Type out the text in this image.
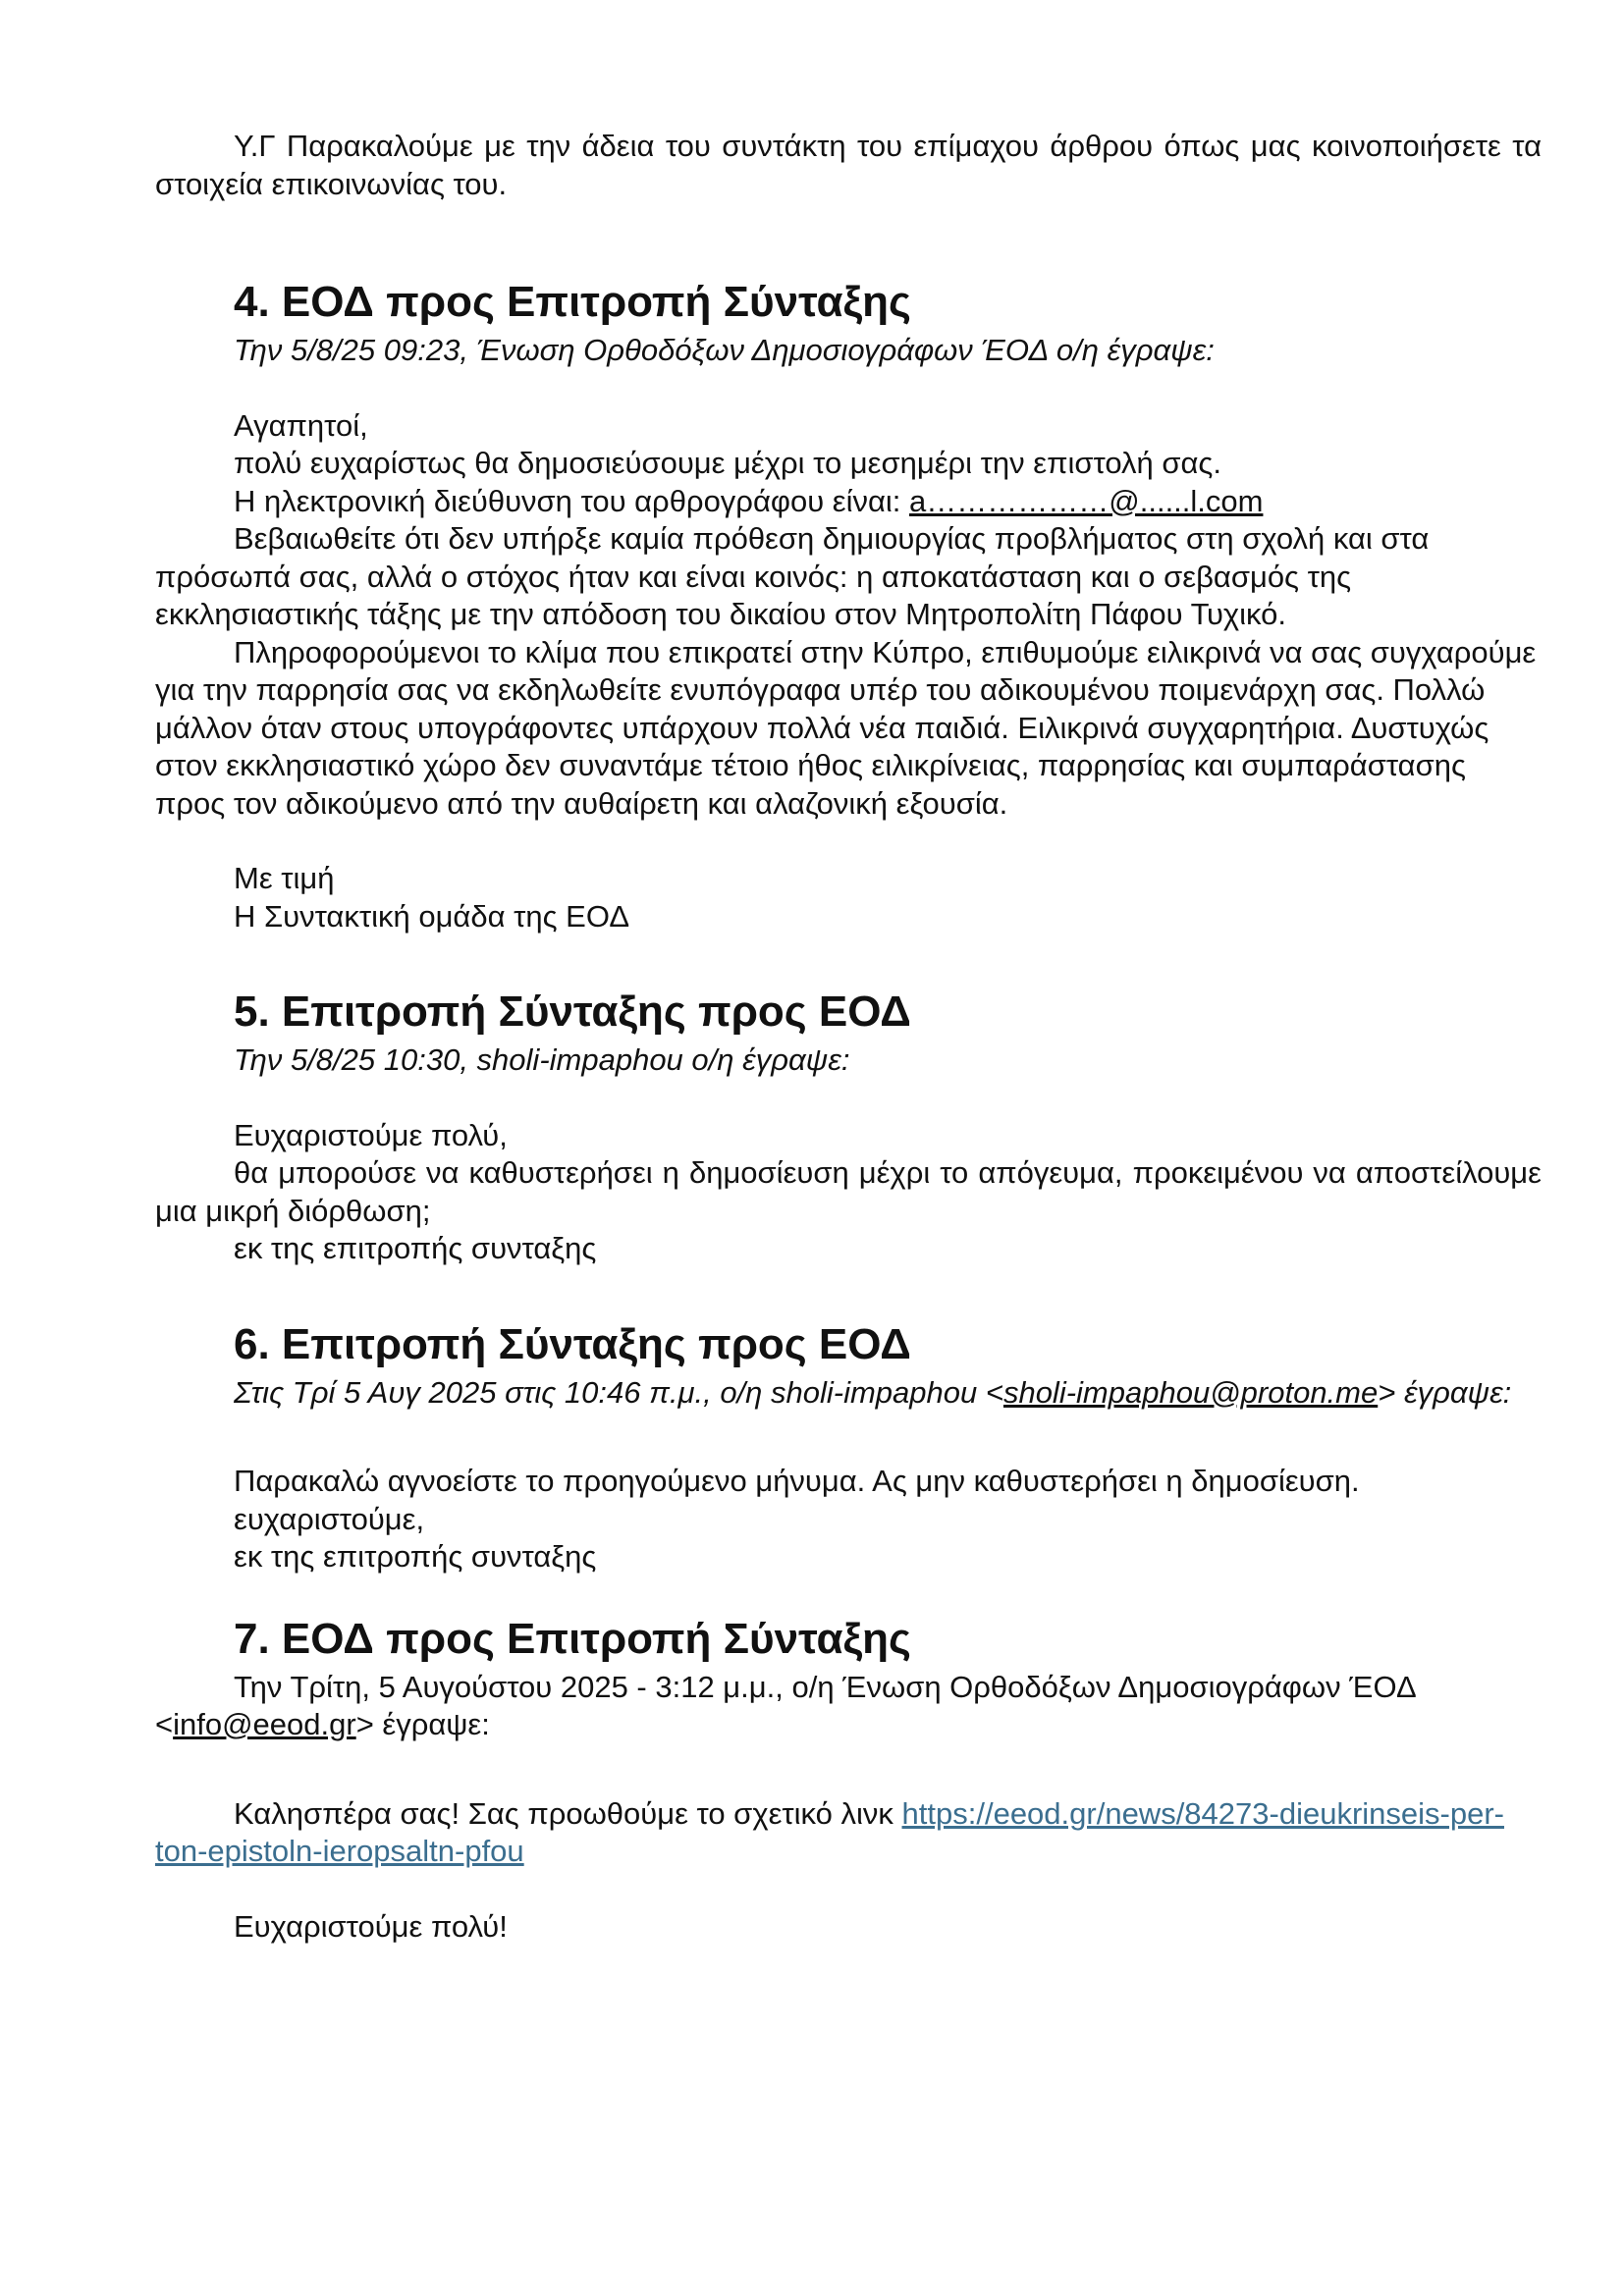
Υ.Γ Παρακαλούμε με την άδεια του συντάκτη του επίμαχου άρθρου όπως μας κοινοποιήσετε τα στοιχεία επικοινωνίας του.

4. ΕΟΔ προς Επιτροπή Σύνταξης

Την 5/8/25 09:23, Ένωση Ορθοδόξων Δημοσιογράφων ΈΟΔ ο/η έγραψε:

Αγαπητοί,

πολύ ευχαρίστως θα δημοσιεύσουμε μέχρι το μεσημέρι την επιστολή σας.

Η ηλεκτρονική διεύθυνση του αρθρογράφου είναι: a………………@......l.com

Βεβαιωθείτε ότι δεν υπήρξε καμία πρόθεση δημιουργίας προβλήματος στη σχολή και στα πρόσωπά σας, αλλά ο στόχος ήταν και είναι κοινός: η αποκατάσταση και ο σεβασμός της εκκλησιαστικής τάξης με την απόδοση του δικαίου στον Μητροπολίτη Πάφου Τυχικό.

Πληροφορούμενοι το κλίμα που επικρατεί στην Κύπρο, επιθυμούμε ειλικρινά να σας συγχαρούμε για την παρρησία σας να εκδηλωθείτε ενυπόγραφα υπέρ του αδικουμένου ποιμενάρχη σας. Πολλώ μάλλον όταν στους υπογράφοντες υπάρχουν πολλά νέα παιδιά. Ειλικρινά συγχαρητήρια. Δυστυχώς στον εκκλησιαστικό χώρο δεν συναντάμε τέτοιο ήθος ειλικρίνειας, παρρησίας και συμπαράστασης προς τον αδικούμενο από την αυθαίρετη και αλαζονική εξουσία.

Με τιμή

Η Συντακτική ομάδα της ΕΟΔ

5. Επιτροπή Σύνταξης προς ΕΟΔ

Την 5/8/25 10:30, sholi-impaphou ο/η έγραψε:

Ευχαριστούμε πολύ,

θα μπορούσε να καθυστερήσει η δημοσίευση μέχρι το απόγευμα, προκειμένου να αποστείλουμε μια μικρή διόρθωση;

εκ της επιτροπής συνταξης

6. Επιτροπή Σύνταξης προς ΕΟΔ

Στις Τρί 5 Αυγ 2025 στις 10:46 π.μ., ο/η sholi-impaphou <sholi-impaphou@proton.me> έγραψε:

Παρακαλώ αγνοείστε το προηγούμενο μήνυμα. Ας μην καθυστερήσει η δημοσίευση.

ευχαριστούμε,

εκ της επιτροπής συνταξης

7. ΕΟΔ προς Επιτροπή Σύνταξης

Την Τρίτη, 5 Αυγούστου 2025 - 3:12 μ.μ., ο/η Ένωση Ορθοδόξων Δημοσιογράφων ΈΟΔ <info@eeod.gr> έγραψε:

Καλησπέρα σας! Σας προωθούμε το σχετικό λινκ https://eeod.gr/news/84273-dieukrinseis-per-ton-epistoln-ieropsaltn-pfou

Ευχαριστούμε πολύ!
